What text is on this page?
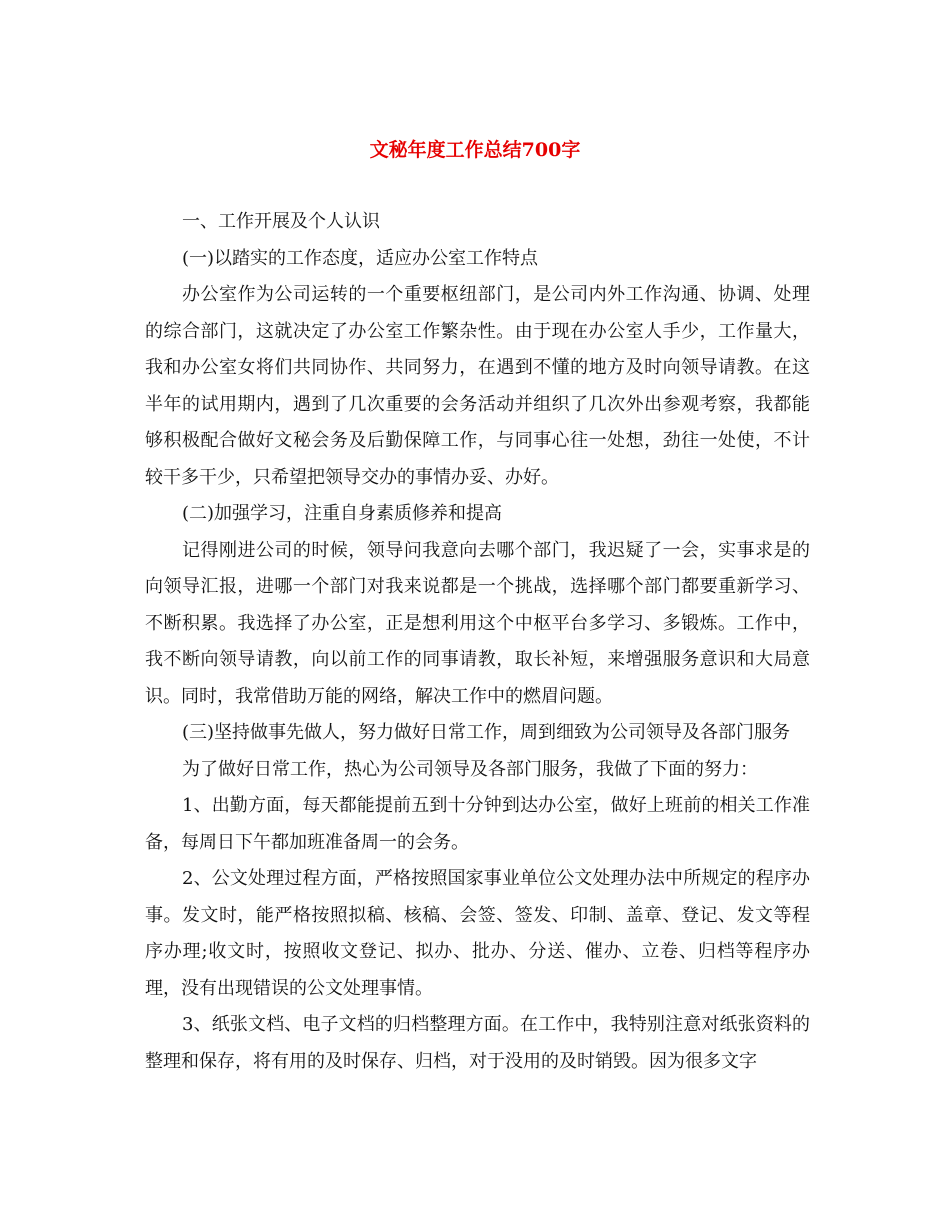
文秘年度工作总结700字

一、工作开展及个人认识

(一)以踏实的工作态度，适应办公室工作特点

办公室作为公司运转的一个重要枢纽部门，是公司内外工作沟通、协调、处理的综合部门，这就决定了办公室工作繁杂性。由于现在办公室人手少，工作量大，我和办公室女将们共同协作、共同努力，在遇到不懂的地方及时向领导请教。在这半年的试用期内，遇到了几次重要的会务活动并组织了几次外出参观考察，我都能够积极配合做好文秘会务及后勤保障工作，与同事心往一处想，劲往一处使，不计较干多干少，只希望把领导交办的事情办妥、办好。

(二)加强学习，注重自身素质修养和提高

记得刚进公司的时候，领导问我意向去哪个部门，我迟疑了一会，实事求是的向领导汇报，进哪一个部门对我来说都是一个挑战，选择哪个部门都要重新学习、不断积累。我选择了办公室，正是想利用这个中枢平台多学习、多锻炼。工作中，我不断向领导请教，向以前工作的同事请教，取长补短，来增强服务意识和大局意识。同时，我常借助万能的网络，解决工作中的燃眉问题。

(三)坚持做事先做人，努力做好日常工作，周到细致为公司领导及各部门服务

为了做好日常工作，热心为公司领导及各部门服务，我做了下面的努力：

1、出勤方面，每天都能提前五到十分钟到达办公室，做好上班前的相关工作准备，每周日下午都加班准备周一的会务。

2、公文处理过程方面，严格按照国家事业单位公文处理办法中所规定的程序办事。发文时，能严格按照拟稿、核稿、会签、签发、印制、盖章、登记、发文等程序办理;收文时，按照收文登记、拟办、批办、分送、催办、立卷、归档等程序办理，没有出现错误的公文处理事情。

3、纸张文档、电子文档的归档整理方面。在工作中，我特别注意对纸张资料的整理和保存，将有用的及时保存、归档，对于没用的及时销毁。因为很多文字
